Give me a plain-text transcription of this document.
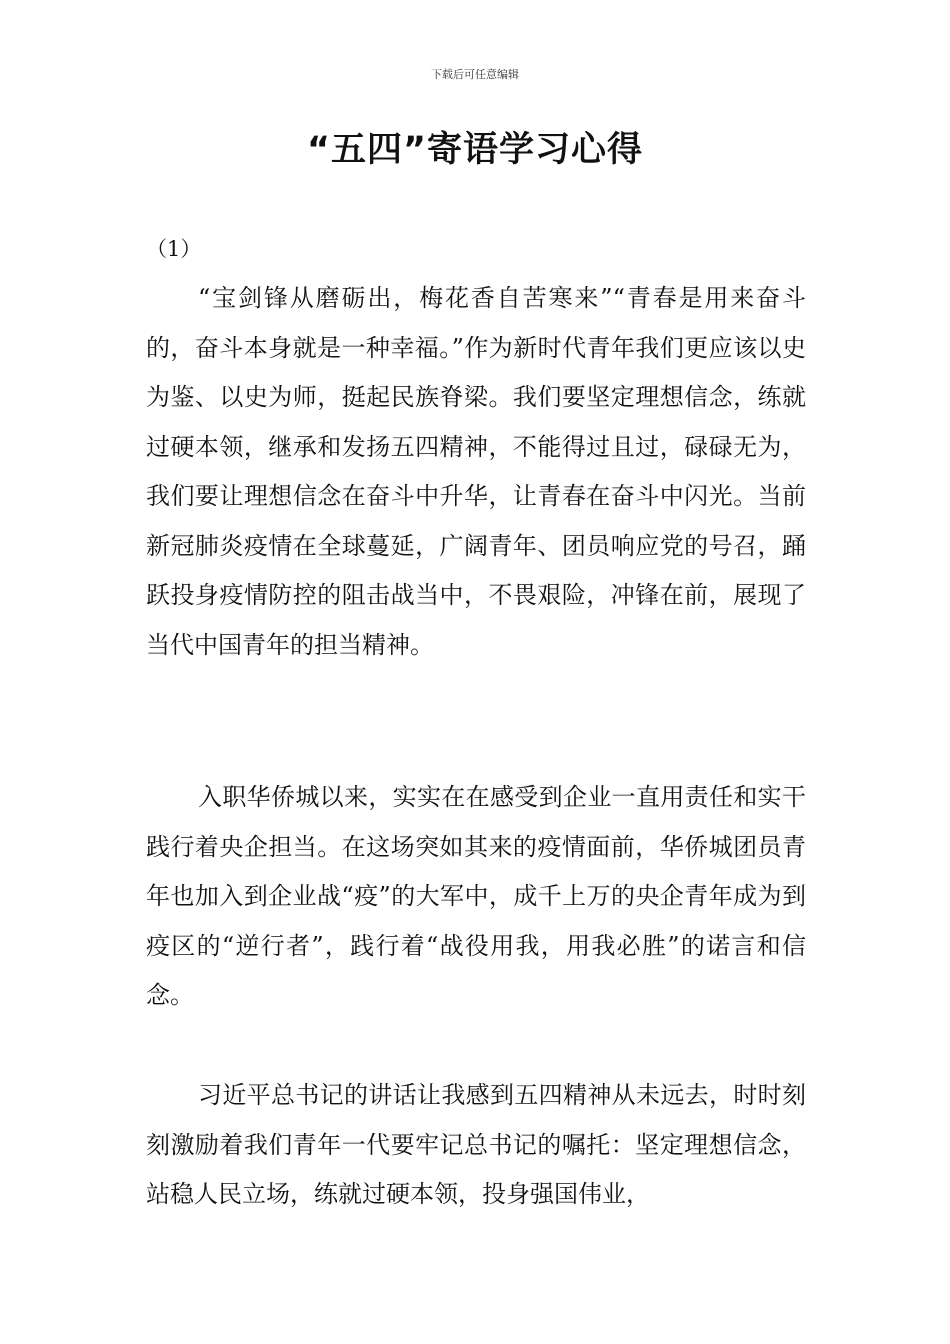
下载后可任意编辑
“五四”寄语学习心得
（1）

“宝剑锋从磨砺出，梅花香自苦寒来”“青春是用来奋斗的，奋斗本身就是一种幸福。”作为新时代青年我们更应该以史为鉴、以史为师，挺起民族脊梁。我们要坚定理想信念，练就过硬本领，继承和发扬五四精神，不能得过且过，碌碌无为，我们要让理想信念在奋斗中升华，让青春在奋斗中闪光。当前新冠肺炎疫情在全球蔓延，广阔青年、团员响应党的号召，踊跃投身疫情防控的阻击战当中，不畏艰险，冲锋在前，展现了当代中国青年的担当精神。

入职华侨城以来，实实在在感受到企业一直用责任和实干践行着央企担当。在这场突如其来的疫情面前，华侨城团员青年也加入到企业战“疫”的大军中，成千上万的央企青年成为到疫区的“逆行者”，践行着“战役用我，用我必胜”的诺言和信念。

习近平总书记的讲话让我感到五四精神从未远去，时时刻刻激励着我们青年一代要牢记总书记的嘱托：坚定理想信念，站稳人民立场，练就过硬本领，投身强国伟业，
